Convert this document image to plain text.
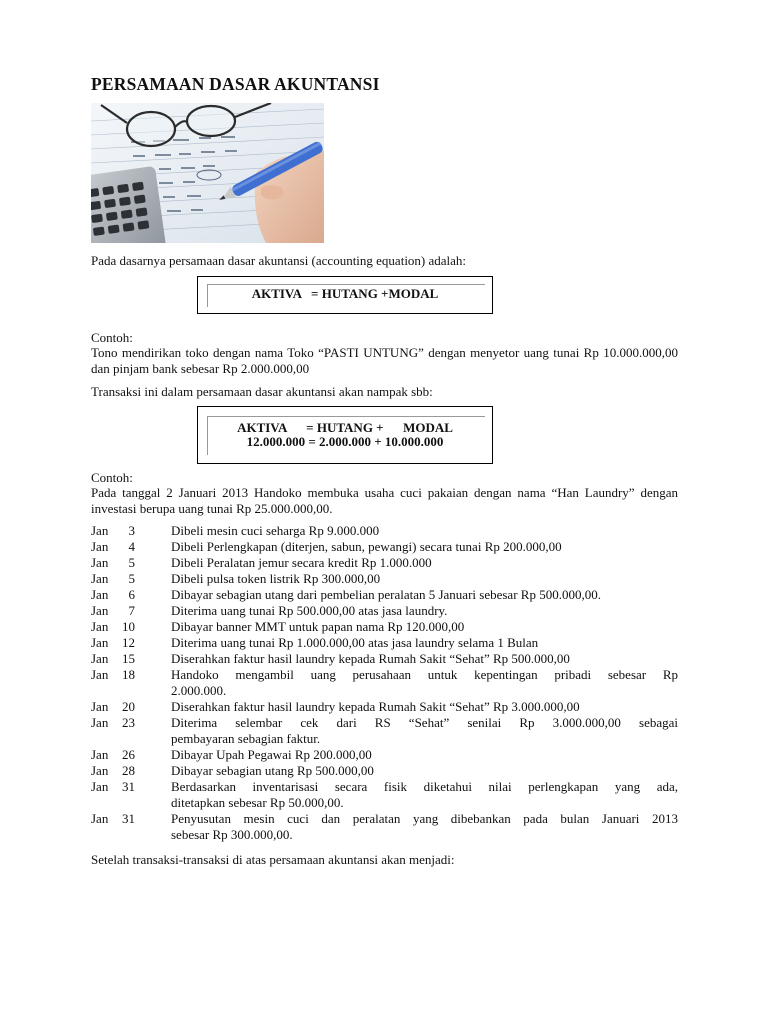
PERSAMAAN DASAR AKUNTANSI
Pada dasarnya persamaan dasar akuntansi (accounting equation) adalah:
AKTIVA   = HUTANG +MODAL
Contoh:
Tono mendirikan toko dengan nama Toko “PASTI UNTUNG” dengan menyetor uang tunai Rp 10.000.000,00 dan pinjam bank sebesar Rp 2.000.000,00
Transaksi ini dalam persamaan dasar akuntansi akan nampak sbb:
AKTIVA      = HUTANG +      MODAL
12.000.000 = 2.000.000 + 10.000.000
Contoh:
Pada tanggal 2 Januari 2013 Handoko membuka usaha cuci pakaian dengan nama “Han Laundry” dengan investasi berupa uang tunai Rp 25.000.000,00.
Jan	3	Dibeli mesin cuci seharga Rp 9.000.000
Jan	4	Dibeli Perlengkapan (diterjen, sabun, pewangi) secara tunai Rp 200.000,00
Jan	5	Dibeli Peralatan jemur secara kredit Rp 1.000.000
Jan	5	Dibeli pulsa token listrik Rp 300.000,00
Jan	6	Dibayar sebagian utang dari pembelian peralatan 5 Januari sebesar Rp 500.000,00.
Jan	7	Diterima uang tunai Rp 500.000,00 atas jasa laundry.
Jan 10	Dibayar banner MMT untuk papan nama Rp 120.000,00
Jan 12	Diterima uang tunai Rp 1.000.000,00 atas jasa laundry selama 1 Bulan
Jan 15	Diserahkan faktur hasil laundry kepada Rumah Sakit “Sehat” Rp 500.000,00
Jan 18	Handoko mengambil uang perusahaan untuk kepentingan pribadi sebesar Rp
2.000.000.
Jan 20	Diserahkan faktur hasil laundry kepada Rumah Sakit “Sehat” Rp 3.000.000,00
Jan 23	Diterima selembar cek dari RS “Sehat” senilai Rp 3.000.000,00 sebagai
pembayaran sebagian faktur.
Jan 26	Dibayar Upah Pegawai Rp 200.000,00
Jan 28	Dibayar sebagian utang Rp 500.000,00
Jan 31	Berdasarkan inventarisasi secara fisik diketahui nilai perlengkapan yang ada,
ditetapkan sebesar Rp 50.000,00.
Jan 31	Penyusutan mesin cuci dan peralatan yang dibebankan pada bulan Januari 2013
sebesar Rp 300.000,00.
Setelah transaksi-transaksi di atas persamaan akuntansi akan menjadi:
